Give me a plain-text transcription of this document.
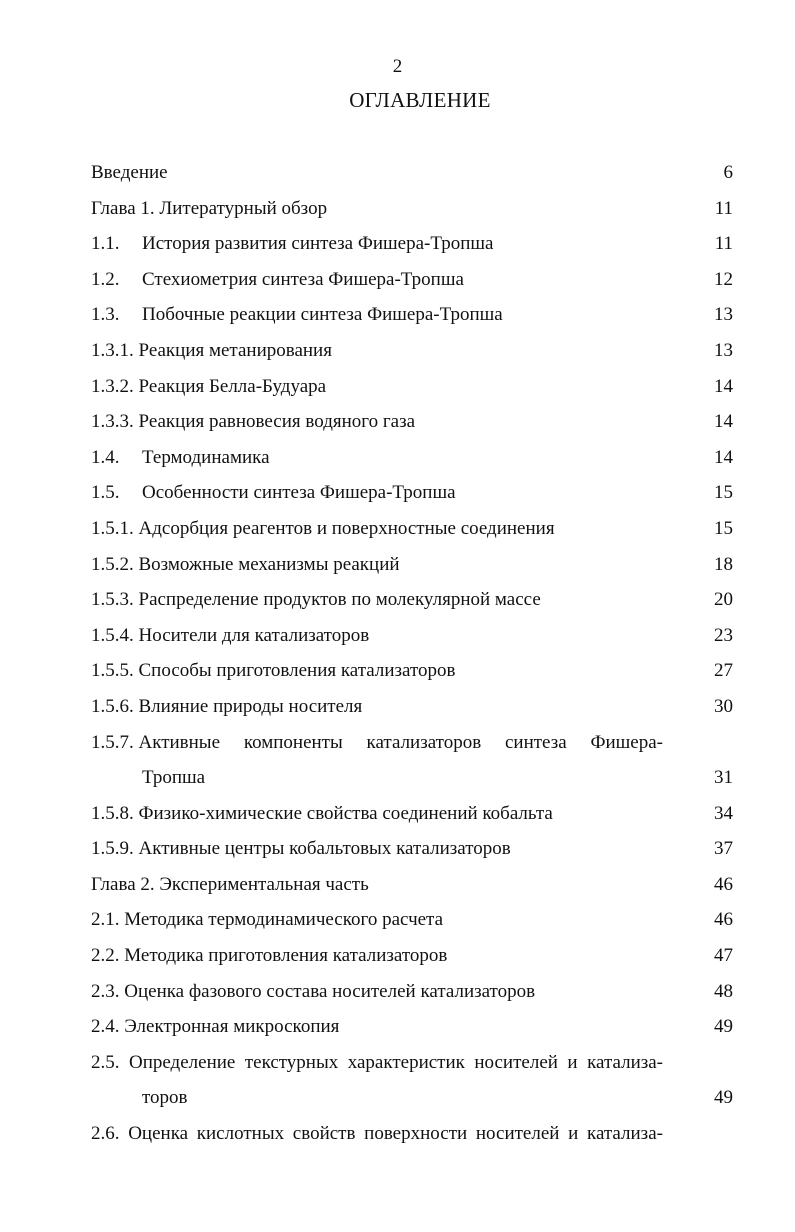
2
ОГЛАВЛЕНИЕ
Введение	6
Глава 1. Литературный обзор	11
1.1. История развития синтеза Фишера-Тропша	11
1.2. Стехиометрия синтеза Фишера-Тропша	12
1.3. Побочные реакции синтеза Фишера-Тропша	13
1.3.1. Реакция метанирования	13
1.3.2. Реакция Белла-Будуара	14
1.3.3. Реакция равновесия водяного газа	14
1.4. Термодинамика	14
1.5. Особенности синтеза Фишера-Тропша	15
1.5.1. Адсорбция реагентов и поверхностные соединения	15
1.5.2. Возможные механизмы реакций	18
1.5.3. Распределение продуктов по молекулярной массе	20
1.5.4. Носители для катализаторов	23
1.5.5. Способы приготовления катализаторов	27
1.5.6. Влияние природы носителя	30
1.5.7. Активные компоненты катализаторов синтеза Фишера-
Тропша	31
1.5.8. Физико-химические свойства соединений кобальта	34
1.5.9. Активные центры кобальтовых катализаторов	37
Глава 2. Экспериментальная часть	46
2.1. Методика термодинамического расчета	46
2.2. Методика приготовления катализаторов	47
2.3. Оценка фазового состава носителей катализаторов	48
2.4. Электронная микроскопия	49
2.5. Определение текстурных характеристик носителей и катализа-
торов	49
2.6. Оценка кислотных свойств поверхности носителей и катализа-
